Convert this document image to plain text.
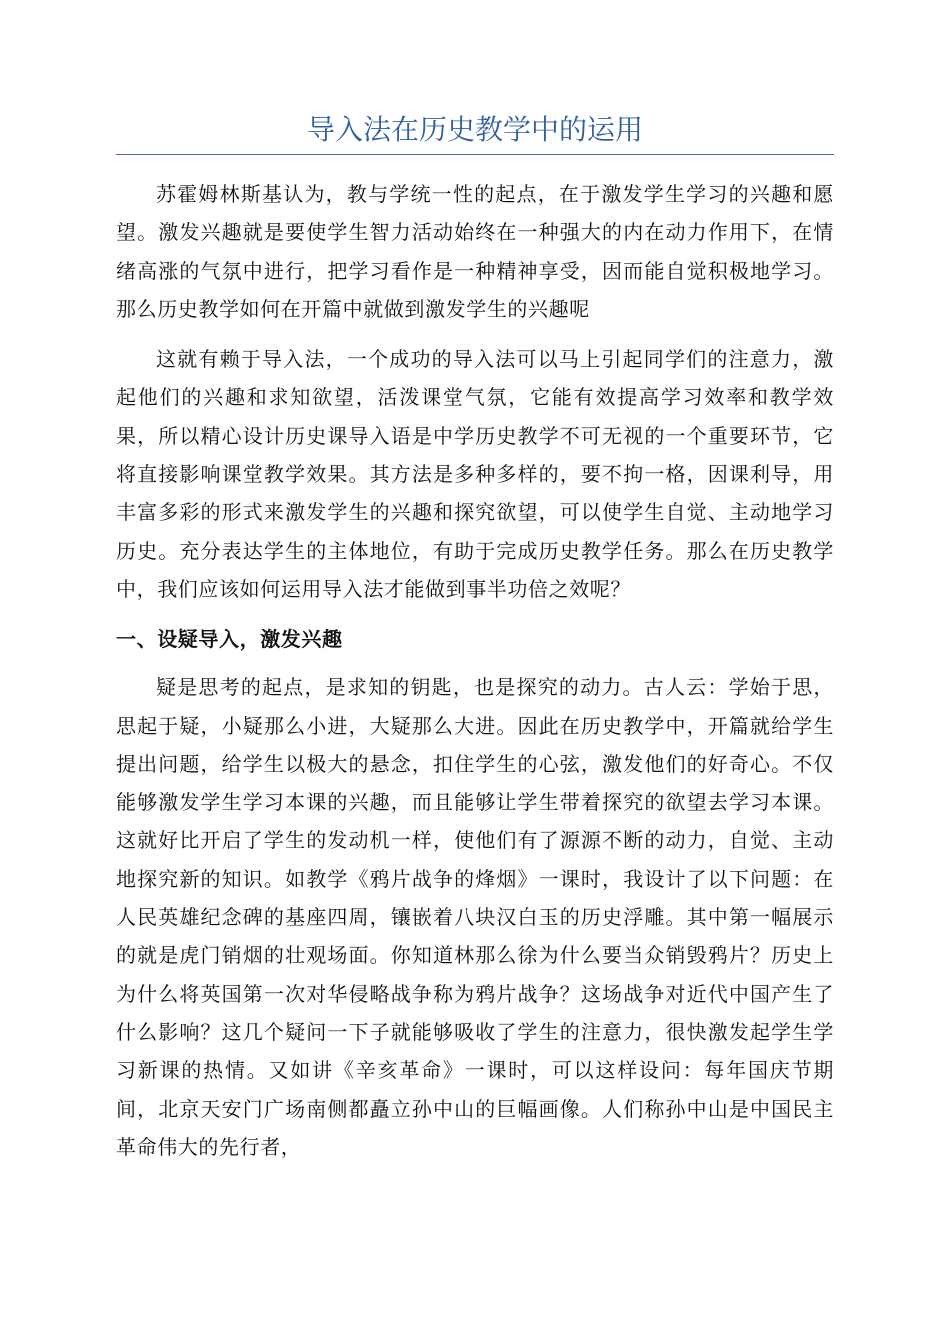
导入法在历史教学中的运用

苏霍姆林斯基认为，教与学统一性的起点，在于激发学生学习的兴趣和愿望。激发兴趣就是要使学生智力活动始终在一种强大的内在动力作用下，在情绪高涨的气氛中进行，把学习看作是一种精神享受，因而能自觉积极地学习。那么历史教学如何在开篇中就做到激发学生的兴趣呢

这就有赖于导入法，一个成功的导入法可以马上引起同学们的注意力，激起他们的兴趣和求知欲望，活泼课堂气氛，它能有效提高学习效率和教学效果，所以精心设计历史课导入语是中学历史教学不可无视的一个重要环节，它将直接影响课堂教学效果。其方法是多种多样的，要不拘一格，因课利导，用丰富多彩的形式来激发学生的兴趣和探究欲望，可以使学生自觉、主动地学习历史。充分表达学生的主体地位，有助于完成历史教学任务。那么在历史教学中，我们应该如何运用导入法才能做到事半功倍之效呢？

一、设疑导入，激发兴趣

疑是思考的起点，是求知的钥匙，也是探究的动力。古人云：学始于思，思起于疑，小疑那么小进，大疑那么大进。因此在历史教学中，开篇就给学生提出问题，给学生以极大的悬念，扣住学生的心弦，激发他们的好奇心。不仅能够激发学生学习本课的兴趣，而且能够让学生带着探究的欲望去学习本课。这就好比开启了学生的发动机一样，使他们有了源源不断的动力，自觉、主动地探究新的知识。如教学《鸦片战争的烽烟》一课时，我设计了以下问题：在人民英雄纪念碑的基座四周，镶嵌着八块汉白玉的历史浮雕。其中第一幅展示的就是虎门销烟的壮观场面。你知道林那么徐为什么要当众销毁鸦片？历史上为什么将英国第一次对华侵略战争称为鸦片战争？这场战争对近代中国产生了什么影响？这几个疑问一下子就能够吸收了学生的注意力，很快激发起学生学习新课的热情。又如讲《辛亥革命》一课时，可以这样设问：每年国庆节期间，北京天安门广场南侧都矗立孙中山的巨幅画像。人们称孙中山是中国民主革命伟大的先行者，
